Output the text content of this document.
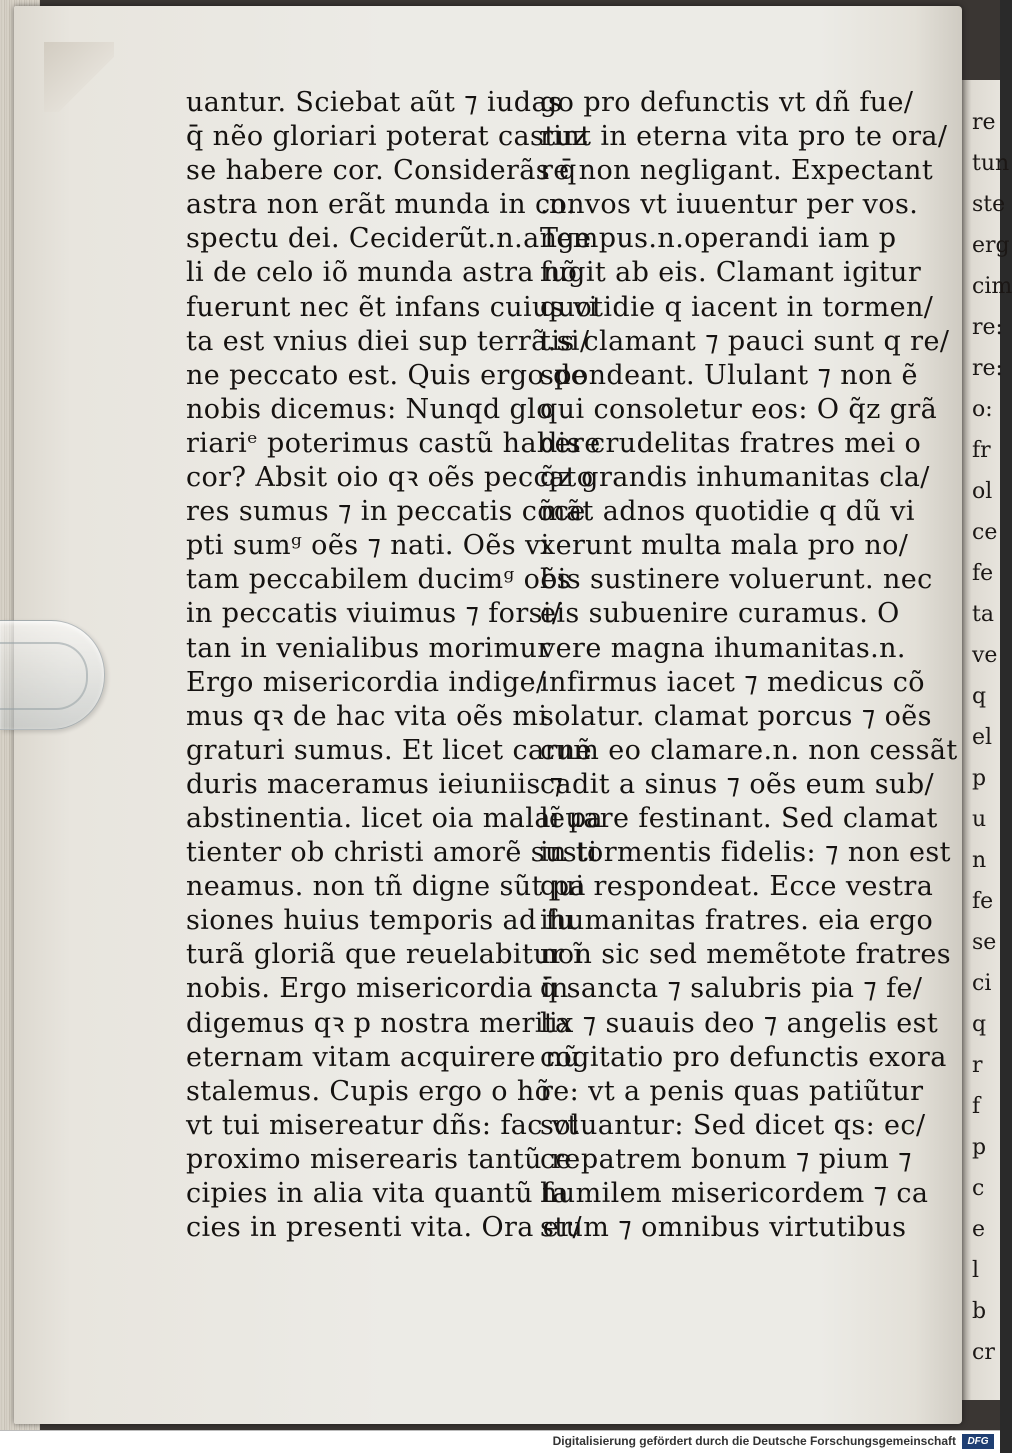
re
tun
ste
erg
cim
re:
re:
o:
fr
ol
ce
fe
ta
ve
q
el
p
u
n
fe
se
ci
q
r
f
p
c
e
l
b
cr
uantur. Sciebat aũt ⁊ iudas
q̄ nẽo gloriari poterat castuz
se habere cor. Considerãs q̄
astra non erãt munda in con
spectu dei. Ceciderũt.n.ange
li de celo iõ munda astra nõ
fuerunt nec ẽt infans cuius vi
ta est vnius diei sup terrã.si/
ne peccato est. Quis ergo de
nobis dicemus: Nunqd glo
riariᵉ poterimus castũ habere
cor? Absit oio qꝛ oẽs peccato
res sumus ⁊ in peccatis cõce
pti sumᵍ oẽs ⁊ nati. Oẽs vi
tam peccabilem ducimᵍ oẽs
in peccatis viuimus ⁊ forsi/
tan in venialibus morimur
Ergo misericordia indige/
mus qꝛ de hac vita oẽs mi
graturi sumus. Et licet carnẽ
duris maceramus ieiuniis ⁊
abstinentia. licet oia malaĩ pa
tienter ob christi amorẽ susti
neamus. non tñ digne sũt pa
siones huius temporis ad fu
turã gloriã que reuelabitur ĩ
nobis. Ergo misericordia in
digemus qꝛ p nostra merita
eternam vitam acquirere nũ
stalemus. Cupis ergo o hõ
vt tui misereatur dñs: fac vt
proximo miserearis tantũ re
cipies in alia vita quantũ fa
cies in presenti vita. Ora er/
go pro defunctis vt dñ fue/
rint in eterna vita pro te ora/
re non negligant. Expectant
.n. vos vt iuuentur per vos.
Tempus.n.operandi iam p
fugit ab eis. Clamant igitur
quotidie q iacent in tormen/
tis clamant ⁊ pauci sunt q re/
spondeant. Ululant ⁊ non ẽ
qui consoletur eos: O q̃z grã
dis crudelitas fratres mei o
q̃z grandis inhumanitas cla/
mãt adnos quotidie q dũ vi
xerunt multa mala pro no/
bis sustinere voluerunt. nec
eis subuenire curamus. O
vere magna ihumanitas.n.
infirmus iacet ⁊ medicus cõ
solatur. clamat porcus ⁊ oẽs
cum eo clamare.n. non cessãt
cadit a sinus ⁊ oẽs eum sub/
leuare festinant. Sed clamat
in tormentis fidelis: ⁊ non est
qui respondeat. Ecce vestra
ihumanitas fratres. eia ergo
non sic sed memẽtote fratres
q̄ sancta ⁊ salubris pia ⁊ fe/
lix ⁊ suauis deo ⁊ angelis est
cogitatio pro defunctis exora
re: vt a penis quas patiũtur
soluantur: Sed dicet qs: ec/
ce patrem bonum ⁊ pium ⁊
humilem misericordem ⁊ ca
stum ⁊ omnibus virtutibus
Digitalisierung gefördert durch die Deutsche Forschungsgemeinschaft	DFG
